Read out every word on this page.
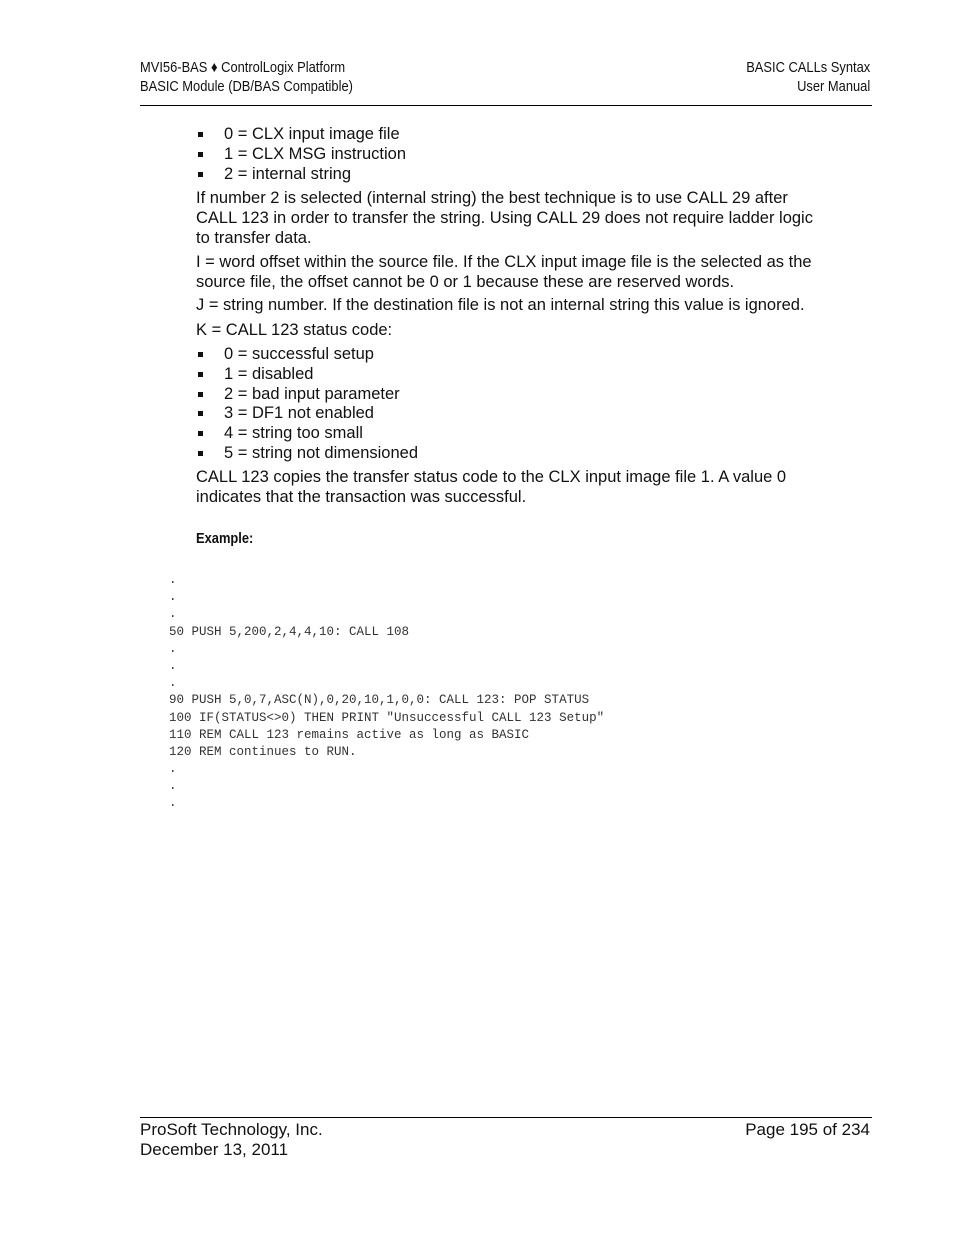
MVI56-BAS ♦ ControlLogix Platform
BASIC Module (DB/BAS Compatible)
BASIC CALLs Syntax
User Manual
0 = CLX input image file
1 = CLX MSG instruction
2 = internal string

If number 2 is selected (internal string) the best technique is to use CALL 29 after CALL 123 in order to transfer the string. Using CALL 29 does not require ladder logic to transfer data.

I = word offset within the source file. If the CLX input image file is the selected as the source file, the offset cannot be 0 or 1 because these are reserved words.

J = string number. If the destination file is not an internal string this value is ignored.

K = CALL 123 status code:

0 = successful setup
1 = disabled
2 = bad input parameter
3 = DF1 not enabled
4 = string too small
5 = string not dimensioned

CALL 123 copies the transfer status code to the CLX input image file 1. A value 0 indicates that the transaction was successful.

Example:
.
.
.
50 PUSH 5,200,2,4,4,10: CALL 108
.
.
.
90 PUSH 5,0,7,ASC(N),0,20,10,1,0,0: CALL 123: POP STATUS
100 IF(STATUS<>0) THEN PRINT "Unsuccessful CALL 123 Setup"
110 REM CALL 123 remains active as long as BASIC
120 REM continues to RUN.
.
.
.
ProSoft Technology, Inc.
December 13, 2011
Page 195 of 234
